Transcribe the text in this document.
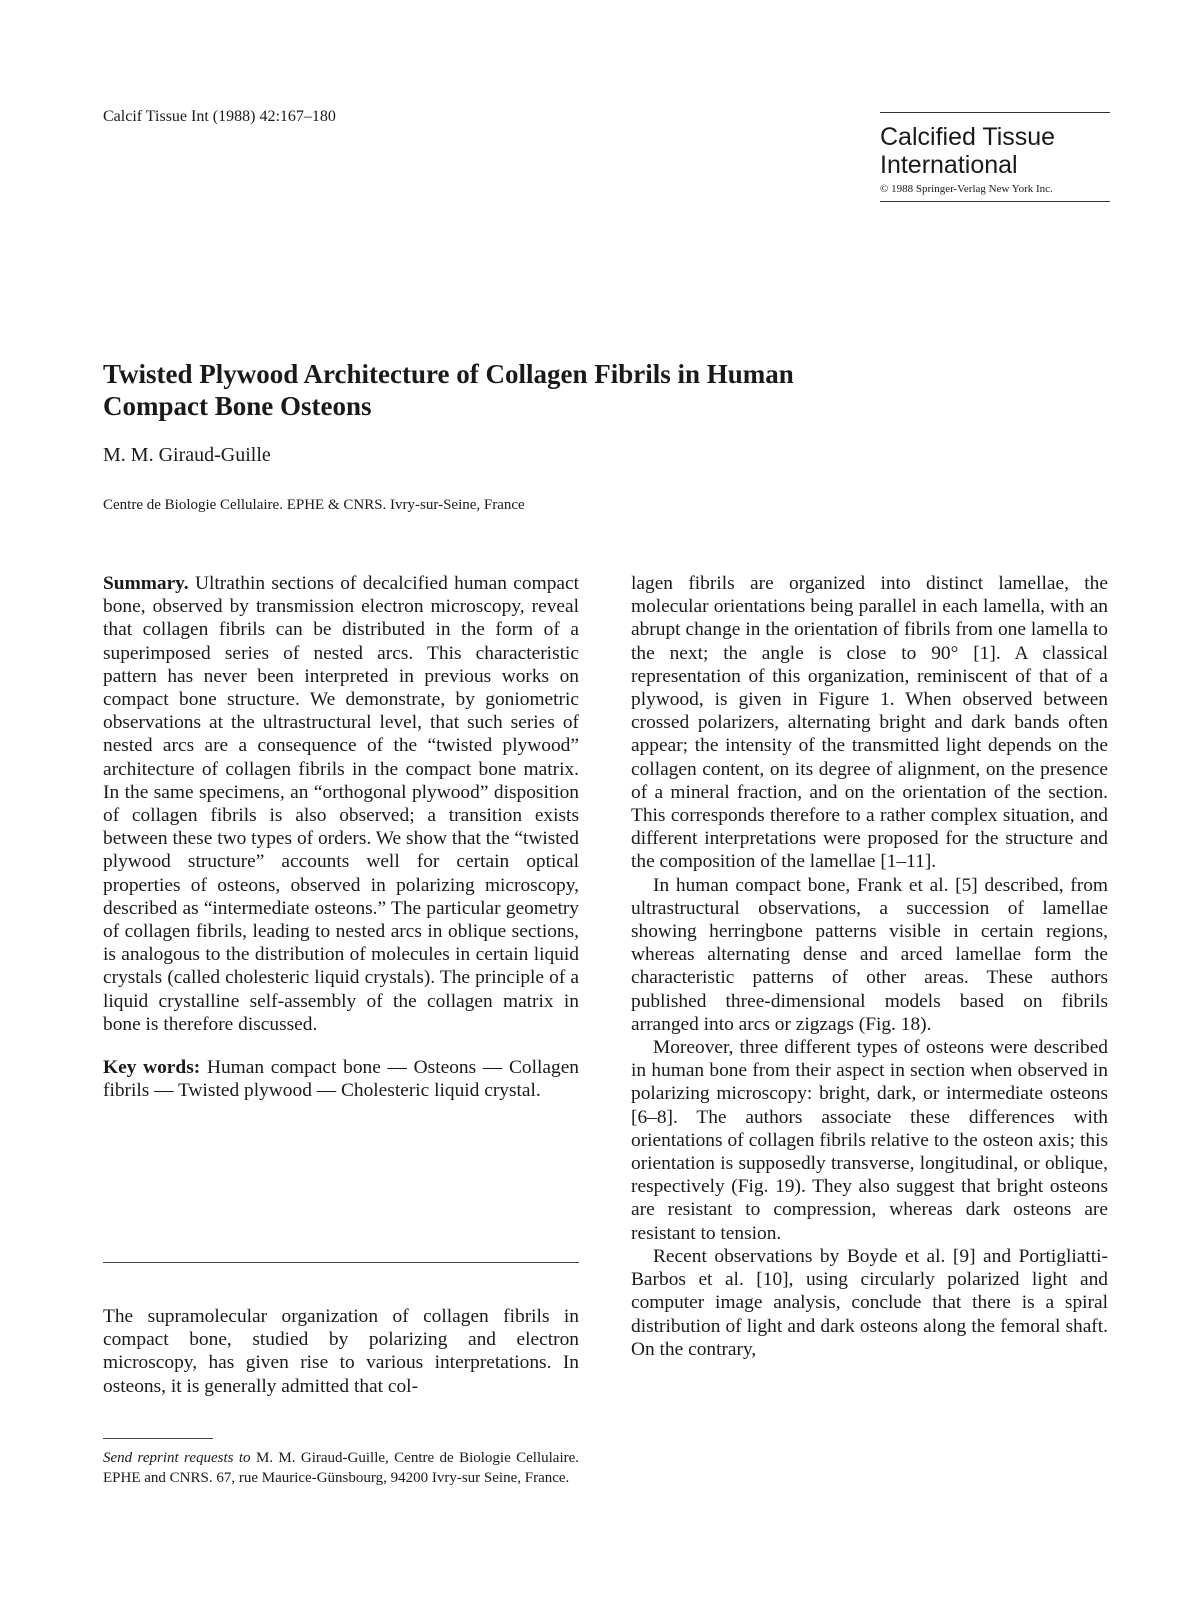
Calcif Tissue Int (1988) 42:167–180
Calcified Tissue
International
© 1988 Springer-Verlag New York Inc.
Twisted Plywood Architecture of Collagen Fibrils in Human Compact Bone Osteons
M. M. Giraud-Guille
Centre de Biologie Cellulaire. EPHE & CNRS. Ivry-sur-Seine, France

Summary. Ultrathin sections of decalcified human compact bone, observed by transmission electron microscopy, reveal that collagen fibrils can be distributed in the form of a superimposed series of nested arcs. This characteristic pattern has never been interpreted in previous works on compact bone structure. We demonstrate, by goniometric observations at the ultrastructural level, that such series of nested arcs are a consequence of the “twisted plywood” architecture of collagen fibrils in the compact bone matrix. In the same specimens, an “orthogonal plywood” disposition of collagen fibrils is also observed; a transition exists between these two types of orders. We show that the “twisted plywood structure” accounts well for certain optical properties of osteons, observed in polarizing microscopy, described as “intermediate osteons.” The particular geometry of collagen fibrils, leading to nested arcs in oblique sections, is analogous to the distribution of molecules in certain liquid crystals (called cholesteric liquid crystals). The principle of a liquid crystalline self-assembly of the collagen matrix in bone is therefore discussed.

Key words: Human compact bone — Osteons — Collagen fibrils — Twisted plywood — Cholesteric liquid crystal.

The supramolecular organization of collagen fibrils in compact bone, studied by polarizing and electron microscopy, has given rise to various interpretations. In osteons, it is generally admitted that col-

Send reprint requests to M. M. Giraud-Guille, Centre de Biologie Cellulaire. EPHE and CNRS. 67, rue Maurice-Günsbourg, 94200 Ivry-sur Seine, France.

lagen fibrils are organized into distinct lamellae, the molecular orientations being parallel in each lamella, with an abrupt change in the orientation of fibrils from one lamella to the next; the angle is close to 90° [1]. A classical representation of this organization, reminiscent of that of a plywood, is given in Figure 1. When observed between crossed polarizers, alternating bright and dark bands often appear; the intensity of the transmitted light depends on the collagen content, on its degree of alignment, on the presence of a mineral fraction, and on the orientation of the section. This corresponds therefore to a rather complex situation, and different interpretations were proposed for the structure and the composition of the lamellae [1–11].

In human compact bone, Frank et al. [5] described, from ultrastructural observations, a succession of lamellae showing herringbone patterns visible in certain regions, whereas alternating dense and arced lamellae form the characteristic patterns of other areas. These authors published three-dimensional models based on fibrils arranged into arcs or zigzags (Fig. 18).

Moreover, three different types of osteons were described in human bone from their aspect in section when observed in polarizing microscopy: bright, dark, or intermediate osteons [6–8]. The authors associate these differences with orientations of collagen fibrils relative to the osteon axis; this orientation is supposedly transverse, longitudinal, or oblique, respectively (Fig. 19). They also suggest that bright osteons are resistant to compression, whereas dark osteons are resistant to tension.

Recent observations by Boyde et al. [9] and Portigliatti-Barbos et al. [10], using circularly polarized light and computer image analysis, conclude that there is a spiral distribution of light and dark osteons along the femoral shaft. On the contrary,
